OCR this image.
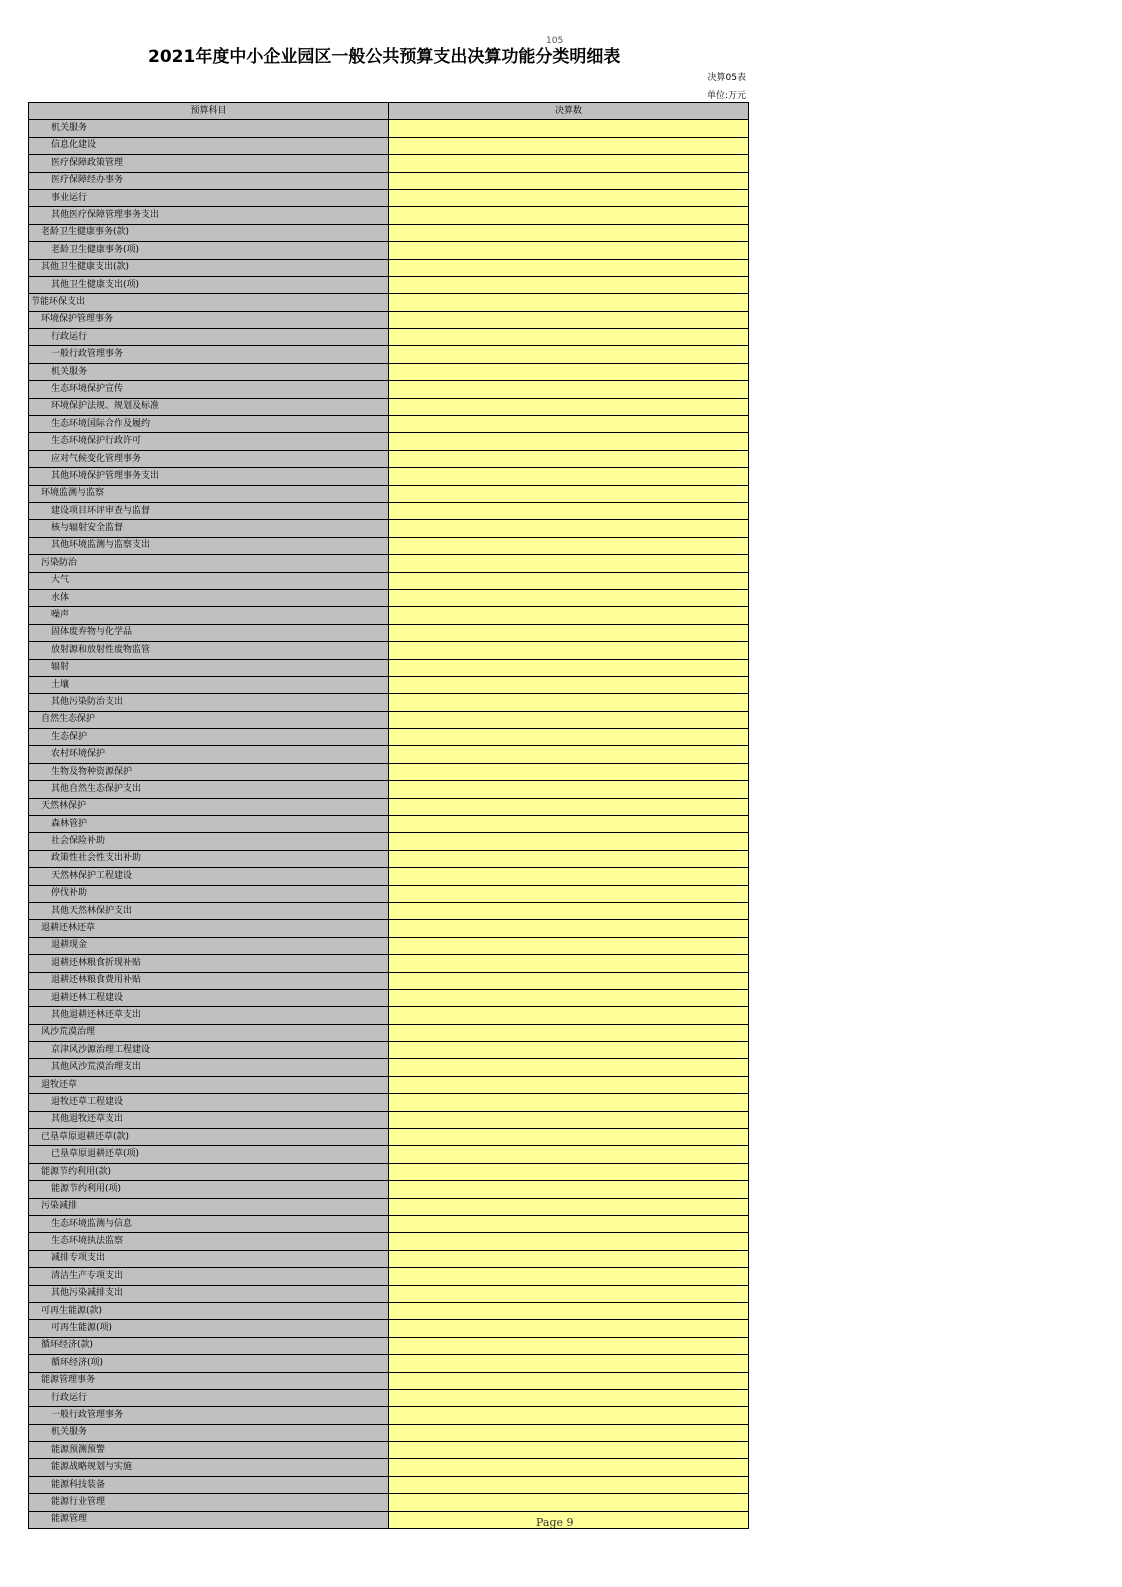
2021年度中小企业园区一般公共预算支出决算功能分类明细表
105
决算05表
单位:万元
预算科目	决算数
机关服务	
信息化建设	
医疗保障政策管理	
医疗保障经办事务	
事业运行	
其他医疗保障管理事务支出	
老龄卫生健康事务(款)	
老龄卫生健康事务(项)	
其他卫生健康支出(款)	
其他卫生健康支出(项)	
节能环保支出	
环境保护管理事务	
行政运行	
一般行政管理事务	
机关服务	
生态环境保护宣传	
环境保护法规、规划及标准	
生态环境国际合作及履约	
生态环境保护行政许可	
应对气候变化管理事务	
其他环境保护管理事务支出	
环境监测与监察	
建设项目环评审查与监督	
核与辐射安全监督	
其他环境监测与监察支出	
污染防治	
大气	
水体	
噪声	
固体废弃物与化学品	
放射源和放射性废物监管	
辐射	
土壤	
其他污染防治支出	
自然生态保护	
生态保护	
农村环境保护	
生物及物种资源保护	
其他自然生态保护支出	
天然林保护	
森林管护	
社会保险补助	
政策性社会性支出补助	
天然林保护工程建设	
停伐补助	
其他天然林保护支出	
退耕还林还草	
退耕现金	
退耕还林粮食折现补贴	
退耕还林粮食费用补贴	
退耕还林工程建设	
其他退耕还林还草支出	
风沙荒漠治理	
京津风沙源治理工程建设	
其他风沙荒漠治理支出	
退牧还草	
退牧还草工程建设	
其他退牧还草支出	
已垦草原退耕还草(款)	
已垦草原退耕还草(项)	
能源节约利用(款)	
能源节约利用(项)	
污染减排	
生态环境监测与信息	
生态环境执法监察	
减排专项支出	
清洁生产专项支出	
其他污染减排支出	
可再生能源(款)	
可再生能源(项)	
循环经济(款)	
循环经济(项)	
能源管理事务	
行政运行	
一般行政管理事务	
机关服务	
能源预测预警	
能源战略规划与实施	
能源科技装备	
能源行业管理	
能源管理		Page 9
